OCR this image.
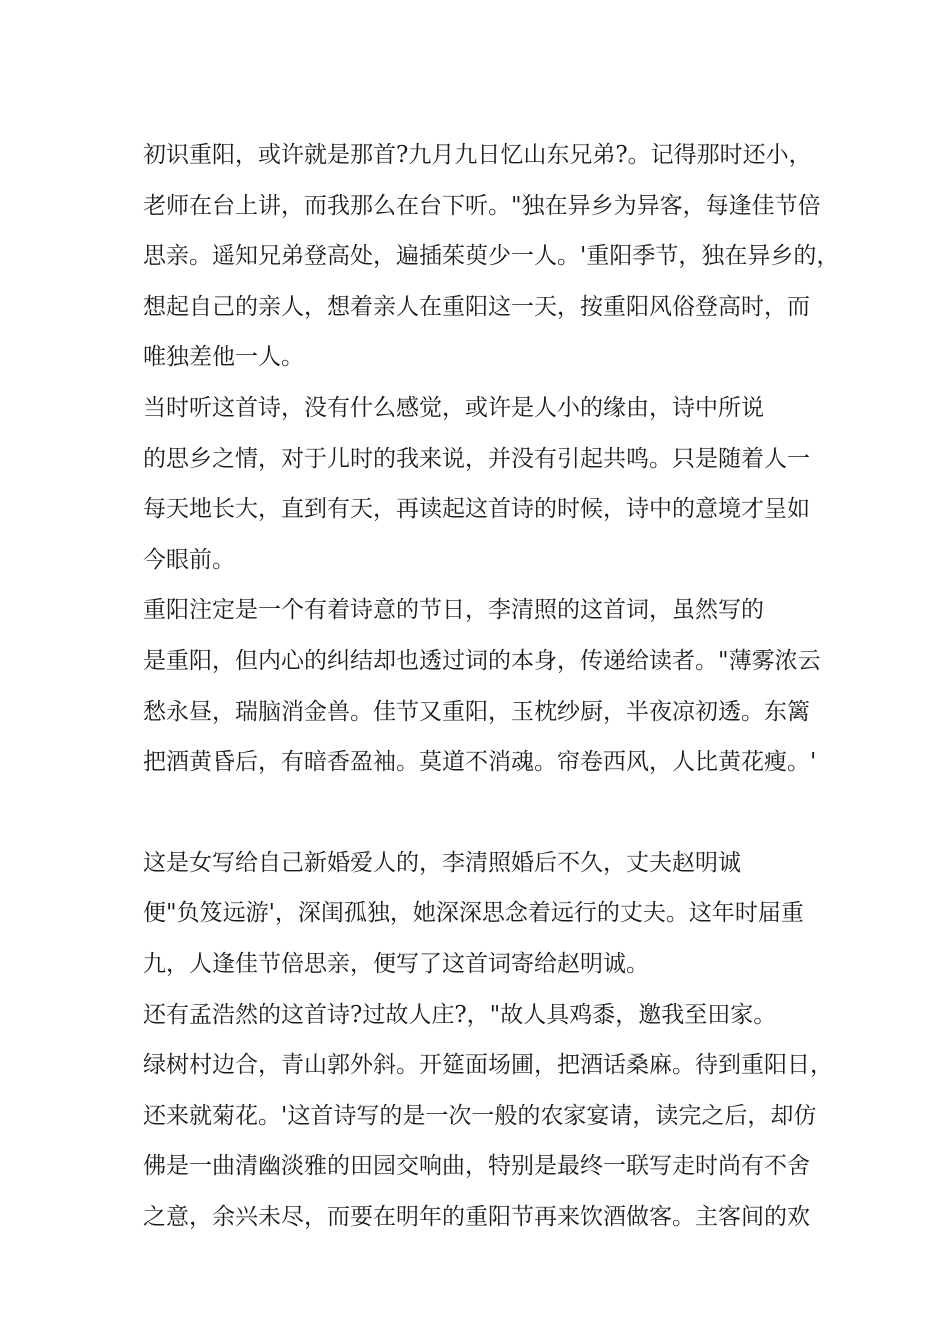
初识重阳，或许就是那首?九月九日忆山东兄弟?。记得那时还小，
老师在台上讲，而我那么在台下听。"独在异乡为异客，每逢佳节倍
思亲。遥知兄弟登高处，遍插茱萸少一人。'重阳季节，独在异乡的，
想起自己的亲人，想着亲人在重阳这一天，按重阳风俗登高时，而
唯独差他一人。
当时听这首诗，没有什么感觉，或许是人小的缘由，诗中所说
的思乡之情，对于儿时的我来说，并没有引起共鸣。只是随着人一
每天地长大，直到有天，再读起这首诗的时候，诗中的意境才呈如
今眼前。
重阳注定是一个有着诗意的节日，李清照的这首词，虽然写的
是重阳，但内心的纠结却也透过词的本身，传递给读者。"薄雾浓云
愁永昼，瑞脑消金兽。佳节又重阳，玉枕纱厨，半夜凉初透。东篱
把酒黄昏后，有暗香盈袖。莫道不消魂。帘卷西风，人比黄花瘦。'
这是女写给自己新婚爱人的，李清照婚后不久，丈夫赵明诚
便"负笈远游'，深闺孤独，她深深思念着远行的丈夫。这年时届重
九，人逢佳节倍思亲，便写了这首词寄给赵明诚。
还有孟浩然的这首诗?过故人庄?，"故人具鸡黍，邀我至田家。
绿树村边合，青山郭外斜。开筵面场圃，把酒话桑麻。待到重阳日，
还来就菊花。'这首诗写的是一次一般的农家宴请，读完之后，却仿
佛是一曲清幽淡雅的田园交响曲，特别是最终一联写走时尚有不舍
之意，余兴未尽，而要在明年的重阳节再来饮酒做客。主客间的欢
